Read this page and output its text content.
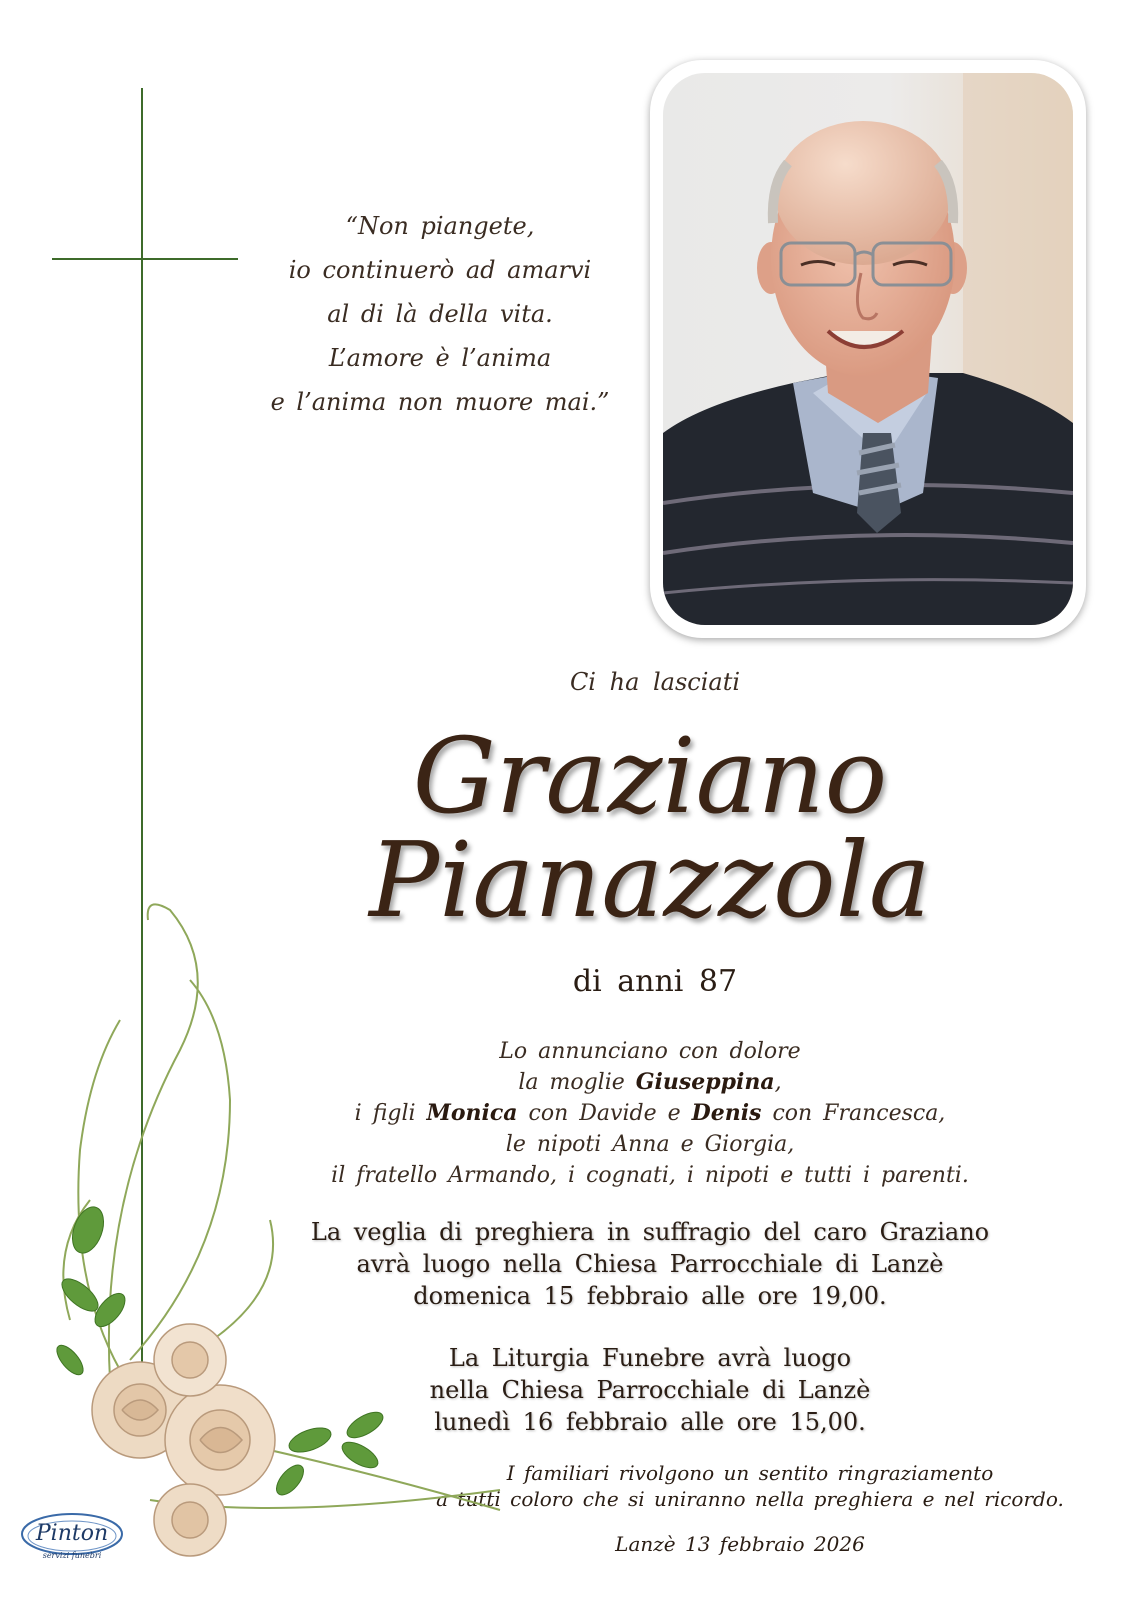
“Non piangete,
io continuerò ad amarvi
al di là della vita.
L’amore è l’anima
e l’anima non muore mai.”
Ci ha lasciati
Graziano
Pianazzola
di anni 87
Lo annunciano con dolore
la moglie Giuseppina,
i figli Monica con Davide e Denis con Francesca,
le nipoti Anna e Giorgia,
il fratello Armando, i cognati, i nipoti e tutti i parenti.
La veglia di preghiera in suffragio del caro Graziano
avrà luogo nella Chiesa Parrocchiale di Lanzè
domenica 15 febbraio alle ore 19,00.
La Liturgia Funebre avrà luogo
nella Chiesa Parrocchiale di Lanzè
lunedì 16 febbraio alle ore 15,00.
I familiari rivolgono un sentito ringraziamento
a tutti coloro che si uniranno nella preghiera e nel ricordo.
Lanzè 13 febbraio 2026
Pinton
servizi funebri
